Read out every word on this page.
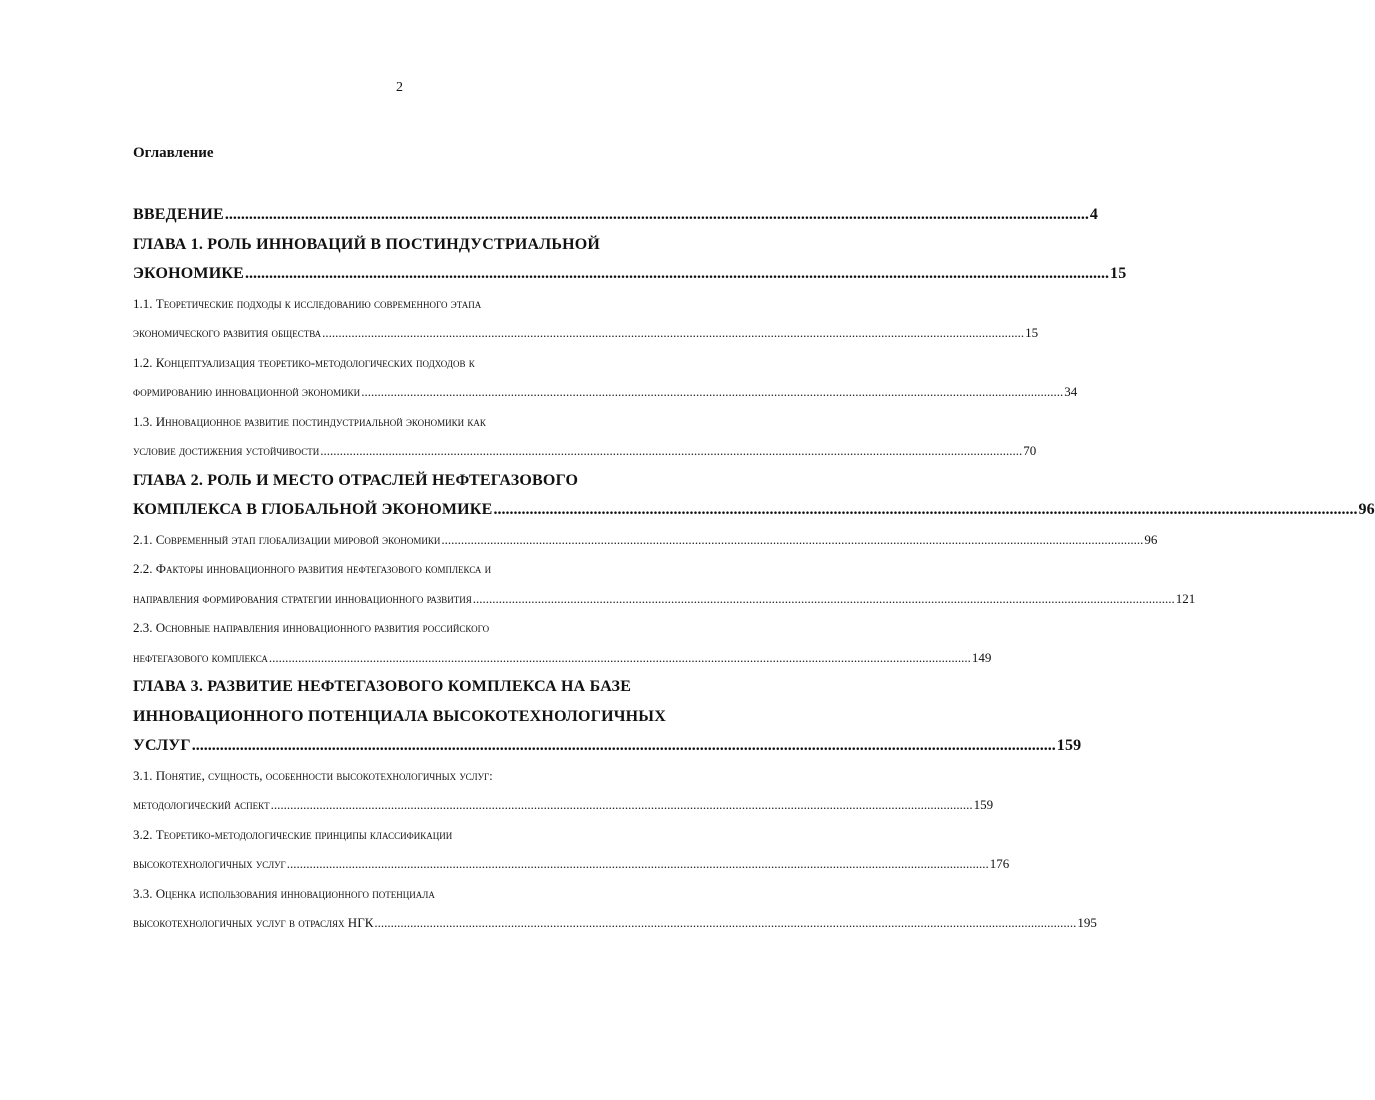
2
Оглавление
ВВЕДЕНИЕ .....	4
ГЛАВА 1. РОЛЬ ИННОВАЦИЙ В ПОСТИНДУСТРИАЛЬНОЙ
ЭКОНОМИКЕ .....	15
1.1. Теоретические подходы к исследованию современного этапа
экономического развития общества .....	15
1.2. Концептуализация теоретико-методологических подходов к
формированию инновационной экономики .....	34
1.3. Инновационное развитие постиндустриальной экономики как
условие достижения устойчивости .....	70
ГЛАВА 2. РОЛЬ И МЕСТО ОТРАСЛЕЙ НЕФТЕГАЗОВОГО
КОМПЛЕКСА В ГЛОБАЛЬНОЙ ЭКОНОМИКЕ .....	96
2.1. Современный этап глобализации мировой экономики .....	96
2.2. Факторы инновационного развития нефтегазового комплекса и
направления формирования стратегии инновационного развития .....	121
2.3. Основные направления инновационного развития российского
нефтегазового комплекса .....	149
ГЛАВА 3. РАЗВИТИЕ НЕФТЕГАЗОВОГО КОМПЛЕКСА НА БАЗЕ
ИННОВАЦИОННОГО ПОТЕНЦИАЛА ВЫСОКОТЕХНОЛОГИЧНЫХ
УСЛУГ .....	159
3.1. Понятие, сущность, особенности высокотехнологичных услуг:
методологический аспект .....	159
3.2. Теоретико-методологические принципы классификации
высокотехнологичных услуг .....	176
3.3. Оценка использования инновационного потенциала
высокотехнологичных услуг в отраслях НГК .....	195
